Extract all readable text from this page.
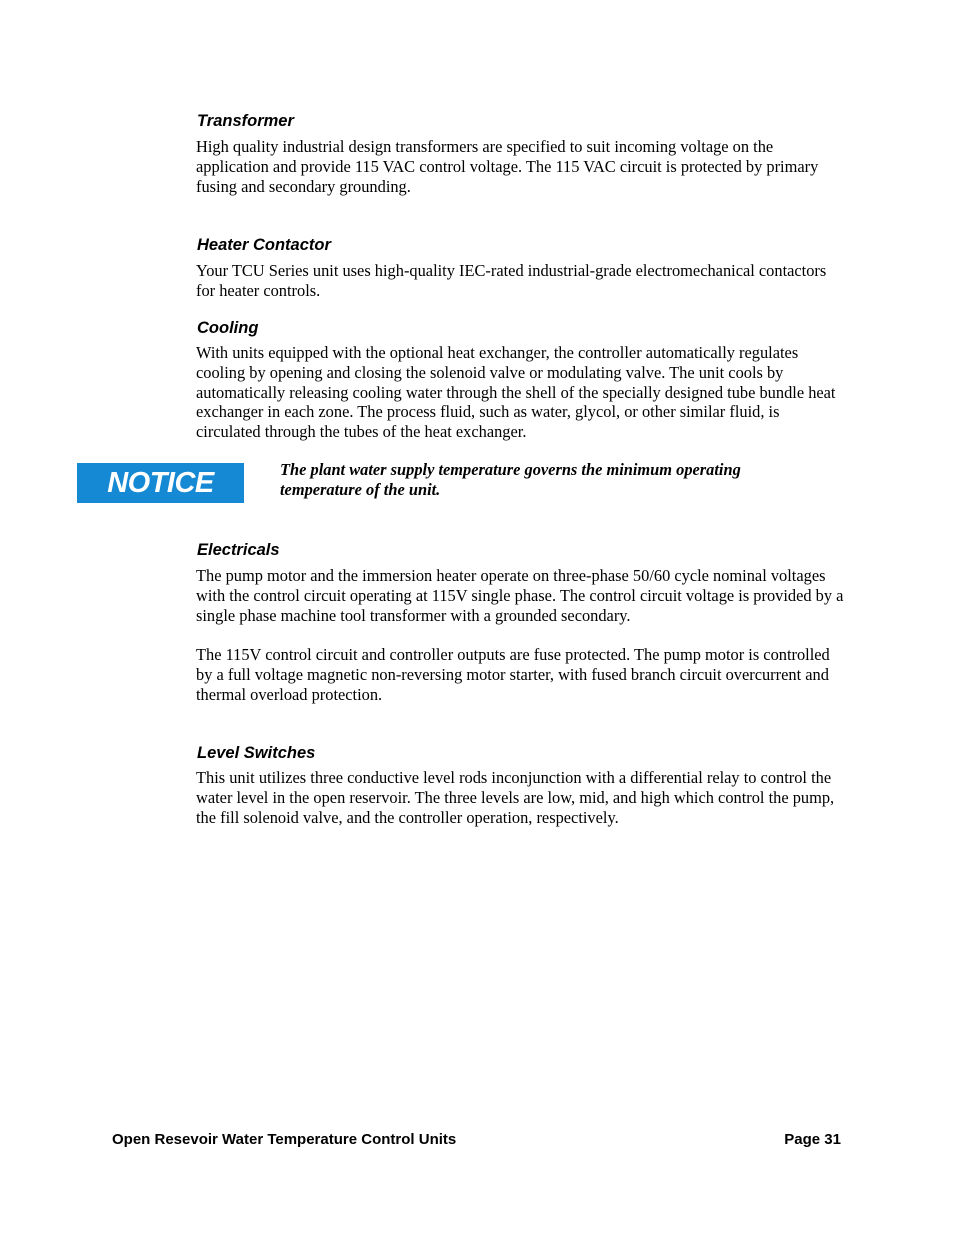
Transformer

High quality industrial design transformers are specified to suit incoming voltage on the application and provide 115 VAC control voltage. The 115 VAC circuit is protected by primary fusing and secondary grounding.

Heater Contactor

Your TCU Series unit uses high-quality IEC-rated industrial-grade electromechanical contactors for heater controls.

Cooling

With units equipped with the optional heat exchanger, the controller automatically regulates cooling by opening and closing the solenoid valve or modulating valve. The unit cools by automatically releasing cooling water through the shell of the specially designed tube bundle heat exchanger in each zone. The process fluid, such as water, glycol, or other similar fluid, is circulated through the tubes of the heat exchanger.

NOTICE	The plant water supply temperature governs the minimum operating temperature of the unit.

Electricals

The pump motor and the immersion heater operate on three-phase 50/60 cycle nominal voltages with the control circuit operating at 115V single phase. The control circuit voltage is provided by a single phase machine tool transformer with a grounded secondary.

The 115V control circuit and controller outputs are fuse protected. The pump motor is controlled by a full voltage magnetic non-reversing motor starter, with fused branch circuit overcurrent and thermal overload protection.

Level Switches

This unit utilizes three conductive level rods inconjunction with a differential relay to control the water level in the open reservoir. The three levels are low, mid, and high which control the pump, the fill solenoid valve, and the controller operation, respectively.

Open Resevoir Water Temperature Control Units	Page 31
